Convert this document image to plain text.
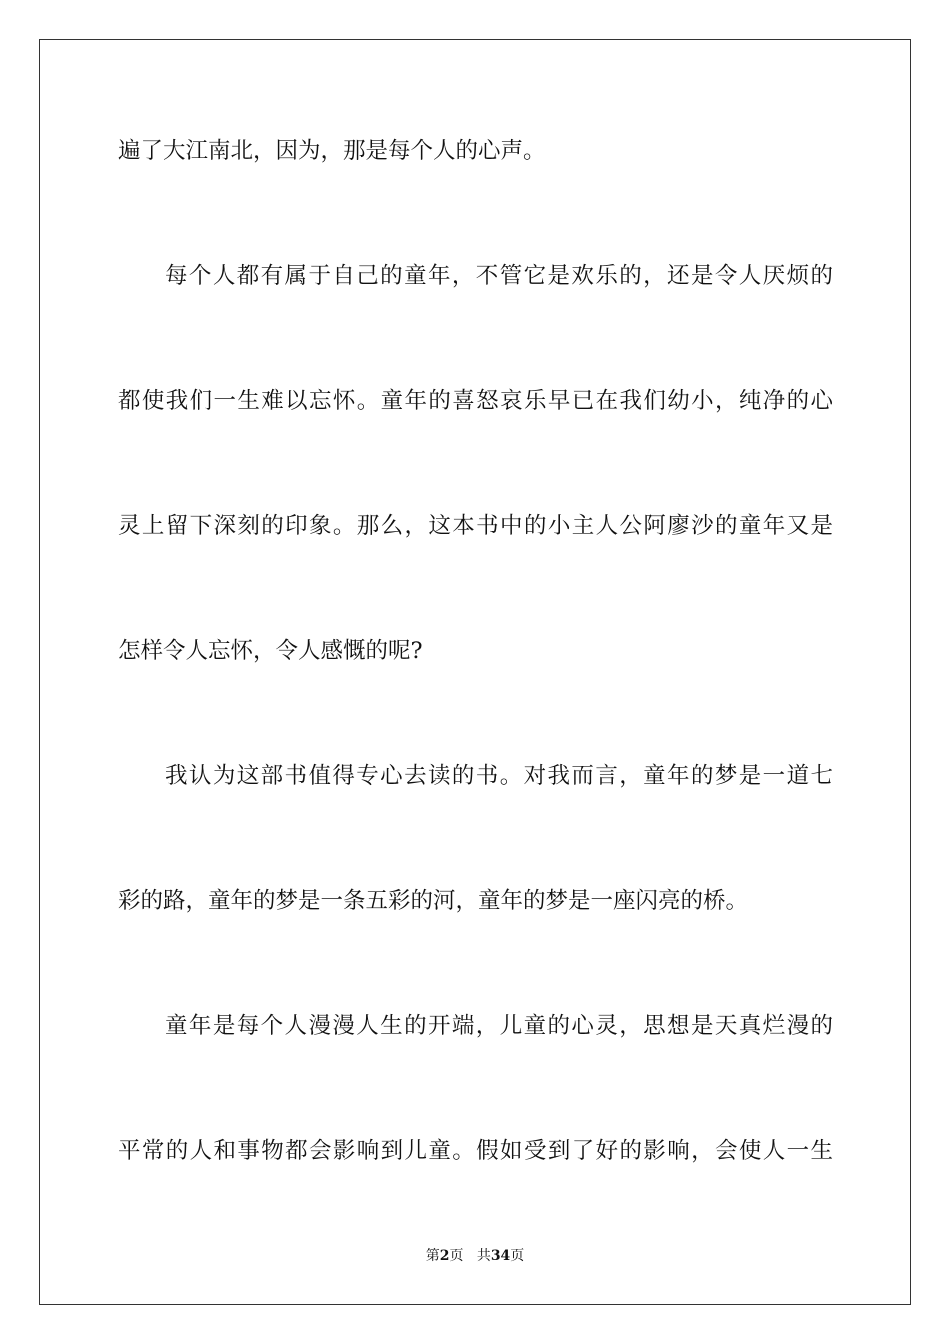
遍了大江南北，因为，那是每个人的心声。
每个人都有属于自己的童年，不管它是欢乐的，还是令人厌烦的
都使我们一生难以忘怀。童年的喜怒哀乐早已在我们幼小，纯净的心
灵上留下深刻的印象。那么，这本书中的小主人公阿廖沙的童年又是
怎样令人忘怀，令人感慨的呢?
我认为这部书值得专心去读的书。对我而言，童年的梦是一道七
彩的路，童年的梦是一条五彩的河，童年的梦是一座闪亮的桥。
童年是每个人漫漫人生的开端，儿童的心灵，思想是天真烂漫的
平常的人和事物都会影响到儿童。假如受到了好的影响，会使人一生
第2页 共34页
